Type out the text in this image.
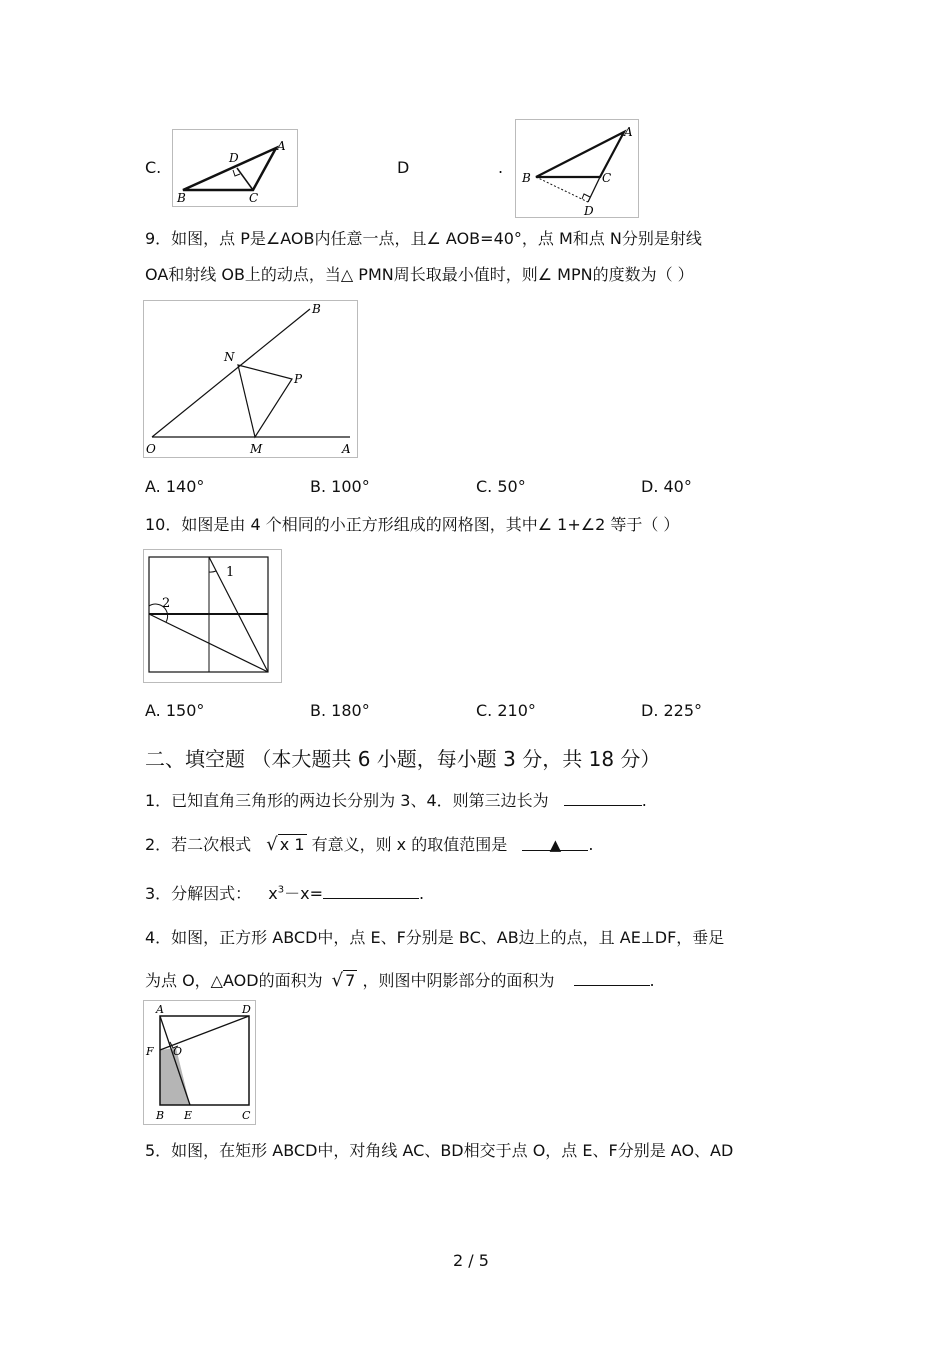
C.
A
B	C
D	D	.
A
B	C
D
9．如图，点 P是∠AOB内任意一点，且∠ AOB=40°，点 M和点 N分别是射线
OA和射线 OB上的动点，当△ PMN周长取最小值时，则∠ MPN的度数为（ ）
O	A
B
N
P
M
A. 140°	B. 100°	C. 50°	D. 40°
10．如图是由 4 个相同的小正方形组成的网格图，其中∠ 1+∠2 等于（ ）
1
2
A. 150°	B. 180°	C. 210°	D. 225°
二、填空题 （本大题共 6 小题，每小题 3 分，共 18 分）
1．已知直角三角形的两边长分别为 3、4．则第三边长为	.
2．若二次根式 √ x 1 有意义，则 x 的取值范围是	▲ .
3．分解因式： $x^3-x=$	.
4．如图，正方形 ABCD中，点 E、F分别是 BC、AB边上的点，且 AE⊥DF，垂足
为点 O，△AOD的面积为 √ 7 ，则图中阴影部分的面积为	.
A	D
F O
B E	C
5．如图，在矩形 ABCD中，对角线 AC、BD相交于点 O，点 E、F分别是 AO、AD
2 / 5
